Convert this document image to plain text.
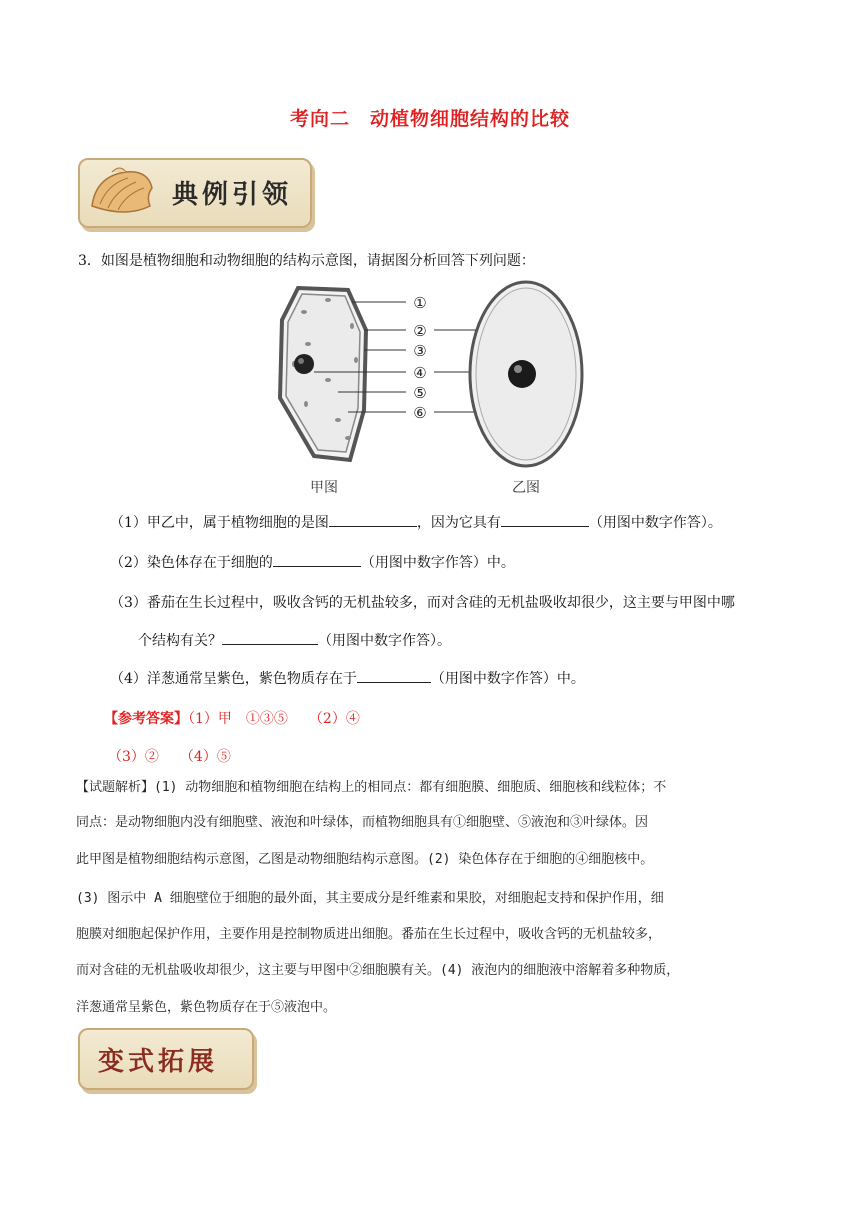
考向二　动植物细胞结构的比较
典例引领
3．如图是植物细胞和动物细胞的结构示意图，请据图分析回答下列问题：
①
②
③
④
⑤
⑥
甲图	乙图
（1）甲乙中，属于植物细胞的是图	，因为它具有	（用图中数字作答）。
（2）染色体存在于细胞的	（用图中数字作答）中。
（3）番茄在生长过程中，吸收含钙的无机盐较多，而对含硅的无机盐吸收却很少，这主要与甲图中哪
个结构有关？	（用图中数字作答）。
（4）洋葱通常呈紫色，紫色物质存在于	（用图中数字作答）中。
【参考答案】（1）甲　①③⑤　　（2）④
（3）②　　（4）⑤
【试题解析】(1) 动物细胞和植物细胞在结构上的相同点：都有细胞膜、细胞质、细胞核和线粒体；不
同点：是动物细胞内没有细胞壁、液泡和叶绿体，而植物细胞具有①细胞壁、⑤液泡和③叶绿体。因
此甲图是植物细胞结构示意图，乙图是动物细胞结构示意图。(2) 染色体存在于细胞的④细胞核中。
(3) 图示中 A 细胞壁位于细胞的最外面，其主要成分是纤维素和果胶，对细胞起支持和保护作用，细
胞膜对细胞起保护作用，主要作用是控制物质进出细胞。番茄在生长过程中，吸收含钙的无机盐较多，
而对含硅的无机盐吸收却很少，这主要与甲图中②细胞膜有关。(4) 液泡内的细胞液中溶解着多种物质，
洋葱通常呈紫色，紫色物质存在于⑤液泡中。
变式拓展
